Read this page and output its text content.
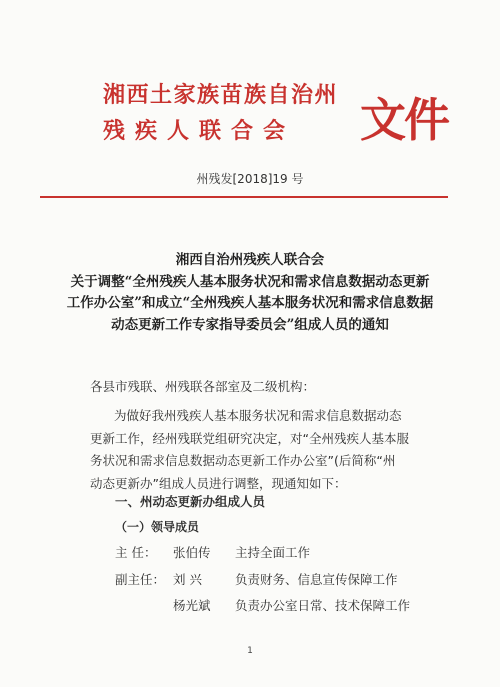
湘西土家族苗族自治州
残疾人联合会 文件
州残发[2018]19 号
湘西自治州残疾人联合会
关于调整“全州残疾人基本服务状况和需求信息数据动态更新
工作办公室”和成立“全州残疾人基本服务状况和需求信息数据
动态更新工作专家指导委员会”组成人员的通知
各县市残联、州残联各部室及二级机构：
为做好我州残疾人基本服务状况和需求信息数据动态
更新工作，经州残联党组研究决定，对“全州残疾人基本服
务状况和需求信息数据动态更新工作办公室”(后简称“州
动态更新办”组成人员进行调整，现通知如下：
一、州动态更新办组成人员
（一）领导成员
主 任： 张伯传 主持全面工作
副主任： 刘 兴	负责财务、信息宣传保障工作
杨光斌 负责办公室日常、技术保障工作
1
